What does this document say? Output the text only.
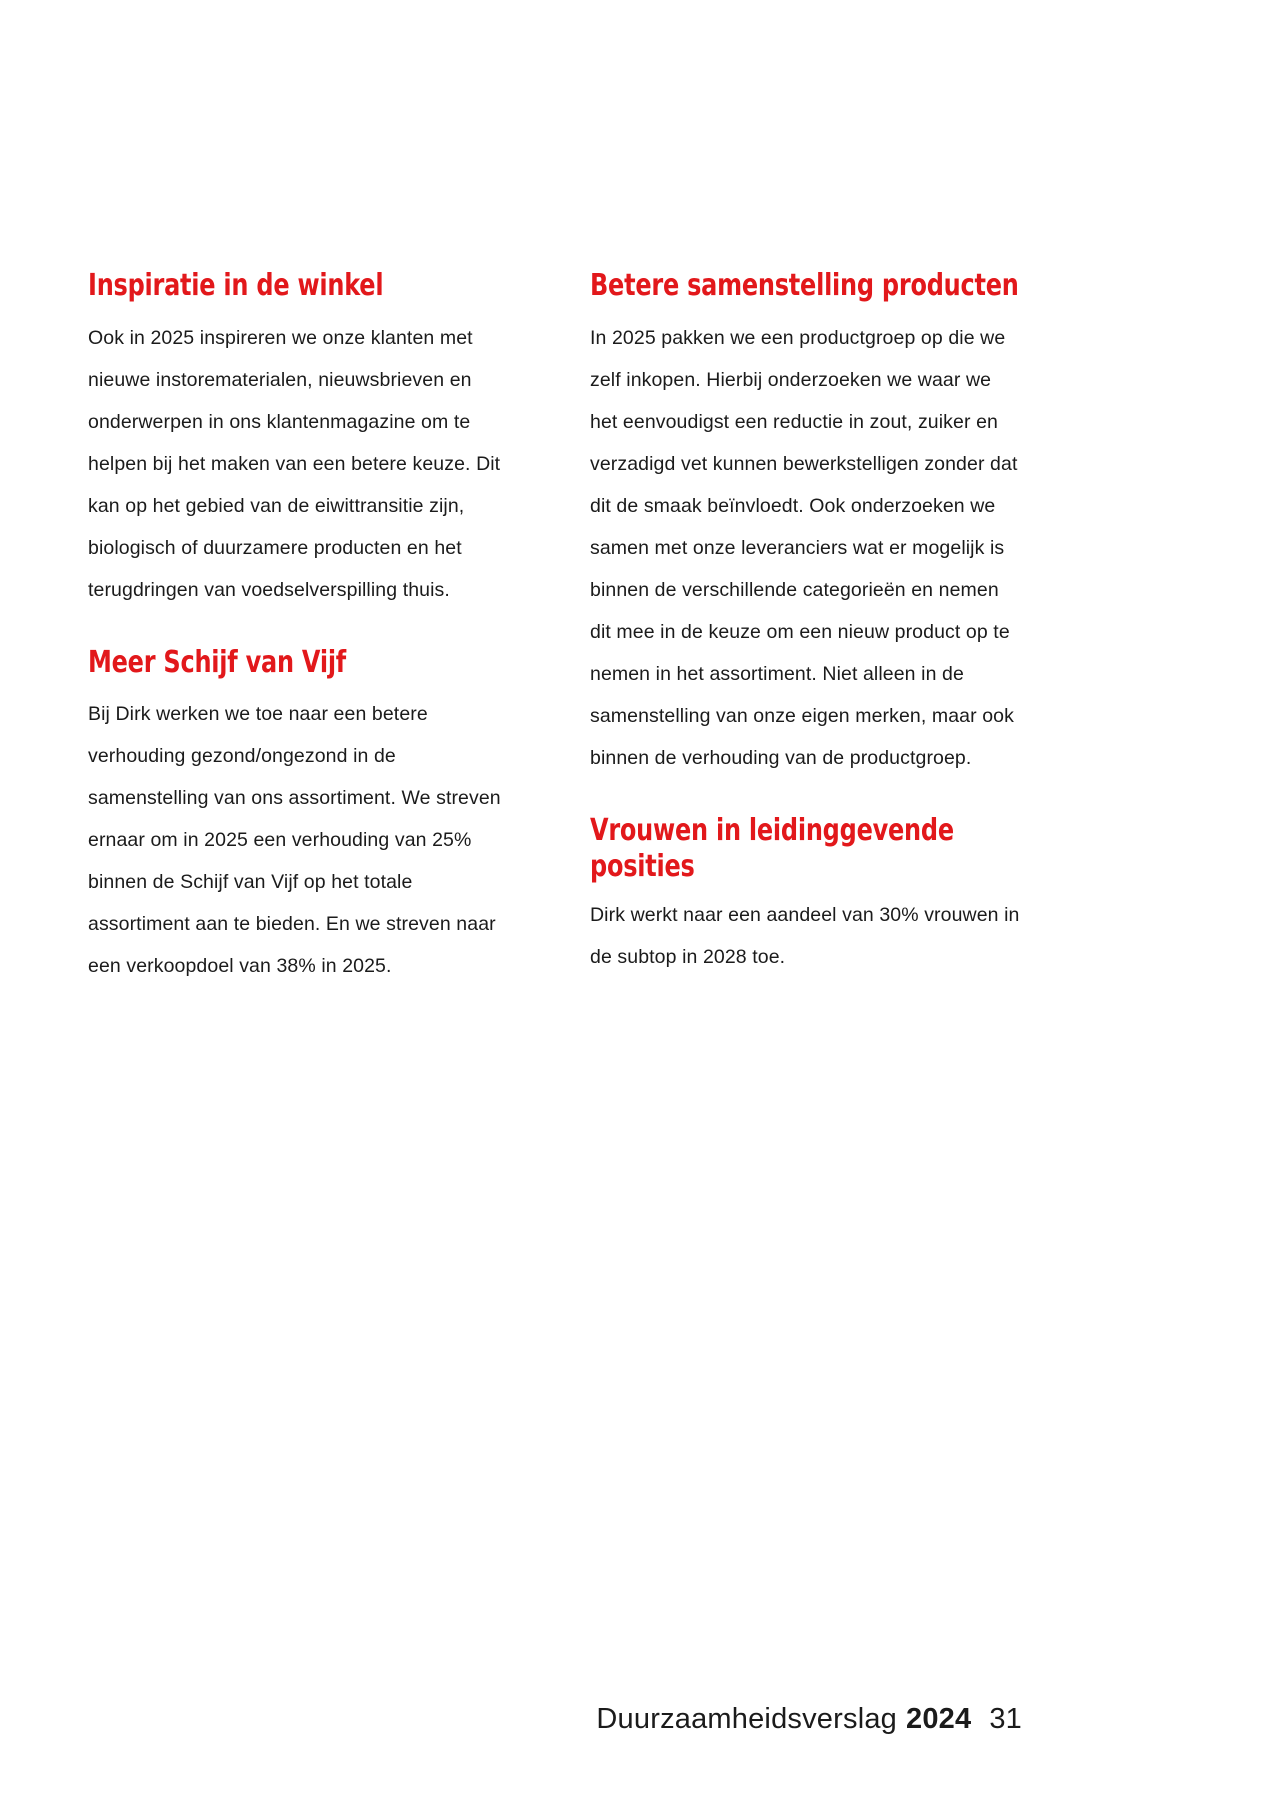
Inspiratie in de winkel

Ook in 2025 inspireren we onze klanten met nieuwe instorematerialen, nieuwsbrieven en onderwerpen in ons klantenmagazine om te helpen bij het maken van een betere keuze. Dit kan op het gebied van de eiwittransitie zijn, biologisch of duurzamere producten en het terugdringen van voedselverspilling thuis.

Meer Schijf van Vijf

Bij Dirk werken we toe naar een betere verhouding gezond/ongezond in de samenstelling van ons assortiment. We streven ernaar om in 2025 een verhouding van 25% binnen de Schijf van Vijf op het totale assortiment aan te bieden. En we streven naar een verkoopdoel van 38% in 2025.

Betere samenstelling producten

In 2025 pakken we een productgroep op die we zelf inkopen. Hierbij onderzoeken we waar we het eenvoudigst een reductie in zout, zuiker en verzadigd vet kunnen bewerkstelligen zonder dat dit de smaak beïnvloedt. Ook onderzoeken we samen met onze leveranciers wat er mogelijk is binnen de verschillende categorieën en nemen dit mee in de keuze om een nieuw product op te nemen in het assortiment. Niet alleen in de samenstelling van onze eigen merken, maar ook binnen de verhouding van de productgroep.

Vrouwen in leidinggevende posities

Dirk werkt naar een aandeel van 30% vrouwen in de subtop in 2028 toe.

Duurzaamheidsverslag 2024 31
